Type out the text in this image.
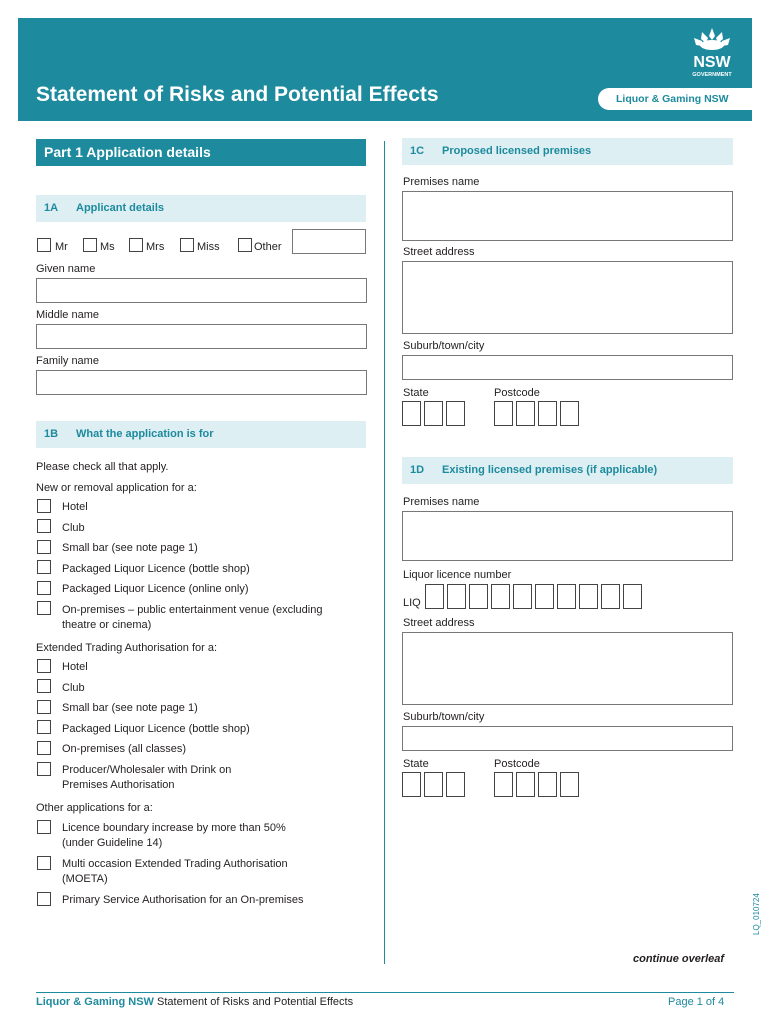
Statement of Risks and Potential Effects	Liquor & Gaming NSW
NSW
GOVERNMENT
Part 1 Application details
1A Applicant details
Mr	Ms	Mrs	Miss	Other
Given name
Middle name
Family name
1B What the application is for
Please check all that apply.
New or removal application for a:
Hotel
Club
Small bar (see note page 1)
Packaged Liquor Licence (bottle shop)
Packaged Liquor Licence (online only)
On-premises – public entertainment venue (excluding
theatre or cinema)
Extended Trading Authorisation for a:
Hotel
Club
Small bar (see note page 1)
Packaged Liquor Licence (bottle shop)
On-premises (all classes)
Producer/Wholesaler with Drink on
Premises Authorisation
Other applications for a:
Licence boundary increase by more than 50%
(under Guideline 14)
Multi occasion Extended Trading Authorisation
(MOETA)
Primary Service Authorisation for an On-premises
1C Proposed licensed premises
Premises name
Street address
Suburb/town/city
State	Postcode
1D Existing licensed premises (if applicable)
Premises name
Liquor licence number
LIQ
Street address
Suburb/town/city
State	Postcode
continue overleaf
LQ_010724
Liquor & Gaming NSW Statement of Risks and Potential Effects	Page 1 of 4
